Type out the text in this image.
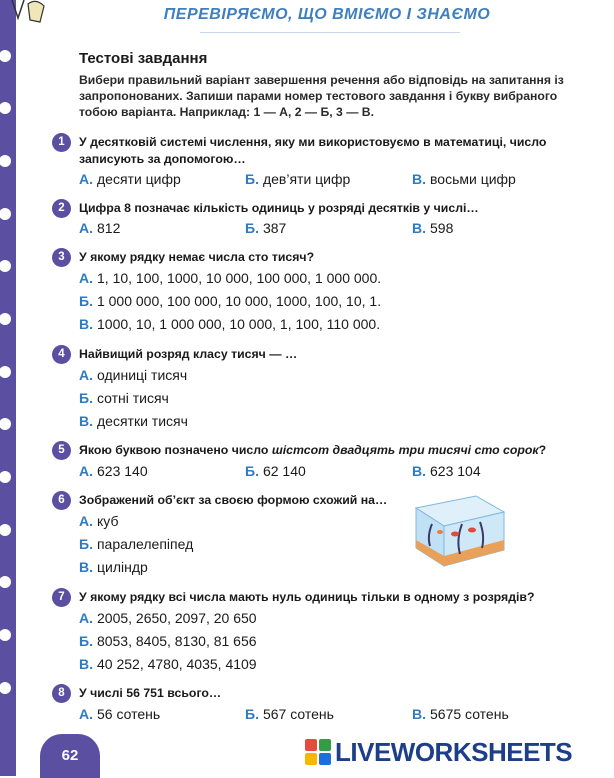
ПЕРЕВІРЯЄМО, ЩО ВМІЄМО І ЗНАЄМО
Тестові завдання
Вибери правильний варіант завершення речення або відповідь на запитання із запропонованих. Запиши парами номер тестового завдання і букву вибраного тобою варіанта. Наприклад: 1 — А, 2 — Б, 3 — В.
1	У десятковій системі числення, яку ми використовуємо в математиці, число записують за допомогою…
А. десяти цифр	Б. дев’яти цифр	В. восьми цифр
2	Цифра 8 позначає кількість одиниць у розряді десятків у числі…
А. 812	Б. 387	В. 598
3	У якому рядку немає числа сто тисяч?
А. 1, 10, 100, 1000, 10 000, 100 000, 1 000 000.
Б. 1 000 000, 100 000, 10 000, 1000, 100, 10, 1.
В. 1000, 10, 1 000 000, 10 000, 1, 100, 110 000.
4	Найвищий розряд класу тисяч — …
А. одиниці тисяч
Б. сотні тисяч
В. десятки тисяч
5	Якою буквою позначено число шістсот двадцять три тисячі сто сорок?
А. 623 140	Б. 62 140	В. 623 104
6	Зображений об’єкт за своєю формою схожий на…
А. куб
Б. паралелепіпед
В. циліндр
7	У якому рядку всі числа мають нуль одиниць тільки в одному з розрядів?
А. 2005, 2650, 2097, 20 650
Б. 8053, 8405, 8130, 81 656
В. 40 252, 4780, 4035, 4109
8	У числі 56 751 всього…
А. 56 сотень	Б. 567 сотень	В. 5675 сотень
62	LIVEWORKSHEETS
